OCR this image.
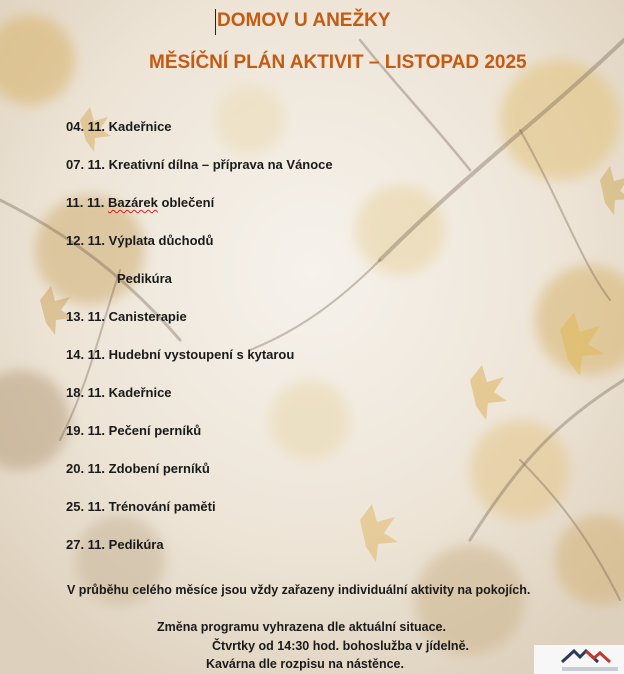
DOMOV U ANEŽKY
MĚSÍČNÍ PLÁN AKTIVIT – LISTOPAD 2025
04. 11. Kadeřnice
07. 11. Kreativní dílna – příprava na Vánoce
11. 11. Bazárek oblečení
12. 11. Výplata důchodů
Pedikúra
13. 11. Canisterapie
14. 11. Hudební vystoupení s kytarou
18. 11. Kadeřnice
19. 11. Pečení perníků
20. 11. Zdobení perníků
25. 11. Trénování paměti
27. 11. Pedikúra
V průběhu celého měsíce jsou vždy zařazeny individuální aktivity na pokojích.
Změna programu vyhrazena dle aktuální situace.
Čtvrtky od 14:30 hod. bohoslužba v jídelně.
Kavárna dle rozpisu na nástěnce.
